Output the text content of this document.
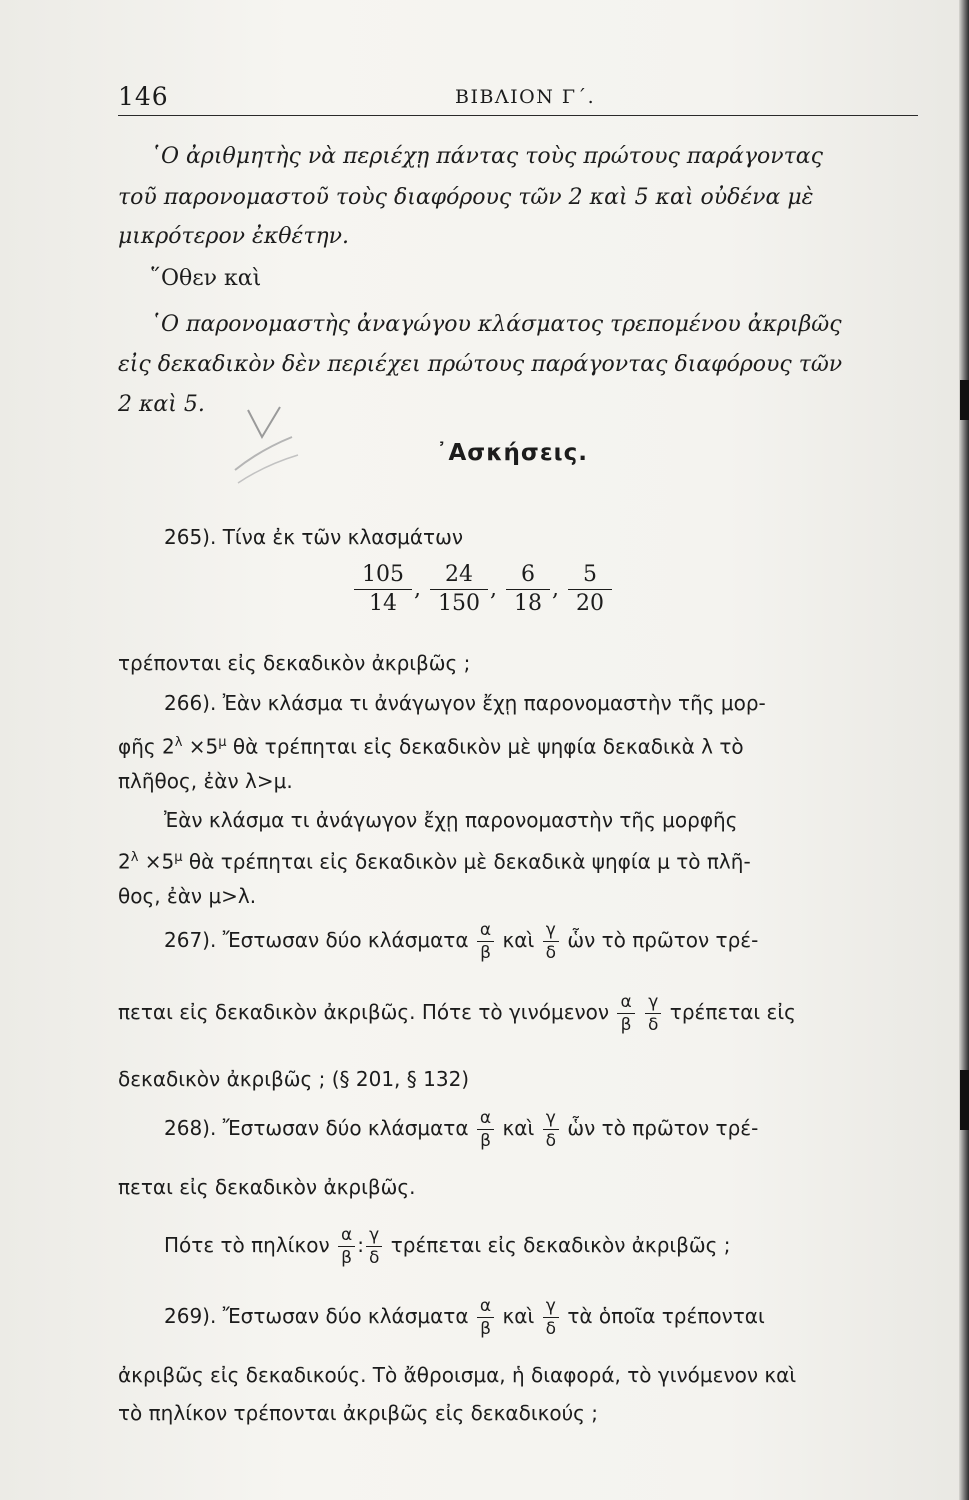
146	ΒΙΒΛΙΟΝ Γ΄.
῾Ο ἀριθμητὴς νὰ περιέχῃ πάντας τοὺς πρώτους παράγοντας
τοῦ παρονομαστοῦ τοὺς διαφόρους τῶν 2 καὶ 5 καὶ οὐδένα μὲ
μικρότερον ἐκθέτην.
῞Οθεν καὶ
῾Ο παρονομαστὴς ἀναγώγου κλάσματος τρεπομένου ἀκριβῶς
εἰς δεκαδικὸν δὲν περιέχει πρώτους παράγοντας διαφόρους τῶν
2 καὶ 5.
᾿Ασκήσεις.
265). Τίνα ἐκ τῶν κλασμάτων
$\frac{105}{14}$ , $\frac{24}{150}$ , $\frac{6}{18}$ , $\frac{5}{20}$
τρέπονται εἰς δεκαδικὸν ἀκριβῶς ;
266). Ἐὰν κλάσμα τι ἀνάγωγον ἔχῃ παρονομαστὴν τῆς μορ-
φῆς $2^\lambda \times 5^\mu$ θὰ τρέπηται εἰς δεκαδικὸν μὲ ψηφία δεκαδικὰ λ τὸ
πλῆθος, ἐὰν λ>μ.
Ἐὰν κλάσμα τι ἀνάγωγον ἔχῃ παρονομαστὴν τῆς μορφῆς
$2^\lambda \times 5^\mu$ θὰ τρέπηται εἰς δεκαδικὸν μὲ δεκαδικὰ ψηφία μ τὸ πλῆ-
θος, ἐὰν μ>λ.
267). Ἔστωσαν δύο κλάσματα $\frac{\alpha}{\beta}$ καὶ $\frac{\gamma}{\delta}$ ὧν τὸ πρῶτον τρέ-
πεται εἰς δεκαδικὸν ἀκριβῶς. Πότε τὸ γινόμενον $\frac{\alpha}{\beta}$
$\frac{\gamma}{\delta}$ τρέπεται εἰς
δεκαδικὸν ἀκριβῶς ; (§ 201, § 132)
268). Ἔστωσαν δύο κλάσματα $\frac{\alpha}{\beta}$ καὶ $\frac{\gamma}{\delta}$ ὧν τὸ πρῶτον τρέ-
πεται εἰς δεκαδικὸν ἀκριβῶς.
Πότε τὸ πηλίκον $\frac{\alpha}{\beta}$ : $\frac{\gamma}{\delta}$ τρέπεται εἰς δεκαδικὸν ἀκριβῶς ;
269). Ἔστωσαν δύο κλάσματα $\frac{\alpha}{\beta}$ καὶ $\frac{\gamma}{\delta}$ τὰ ὁποῖα τρέπονται
ἀκριβῶς εἰς δεκαδικούς. Τὸ ἄθροισμα, ἡ διαφορά, τὸ γινόμενον καὶ
τὸ πηλίκον τρέπονται ἀκριβῶς εἰς δεκαδικούς ;
